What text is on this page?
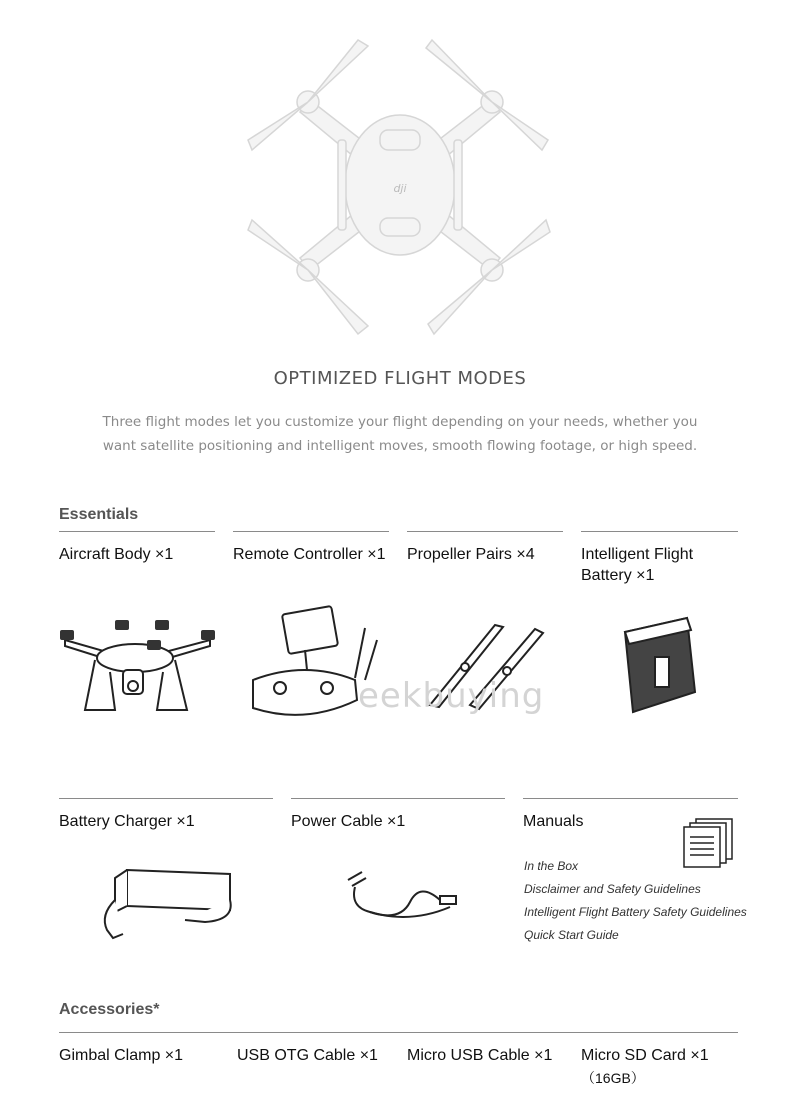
dji
OPTIMIZED FLIGHT MODES
Three flight modes let you customize your flight depending on your needs, whether you want satellite positioning and intelligent moves, smooth flowing footage, or high speed.
Essentials
Aircraft Body ×1	Remote Controller ×1 Propeller Pairs ×4	Intelligent Flight Battery ×1
eekbuying
Battery Charger ×1	Power Cable ×1	Manuals
In the Box
Disclaimer and Safety Guidelines
Intelligent Flight Battery Safety Guidelines
Quick Start Guide
Accessories*
Gimbal Clamp ×1	USB OTG Cable ×1	Micro USB Cable ×1	Micro SD Card ×1
（16GB）
